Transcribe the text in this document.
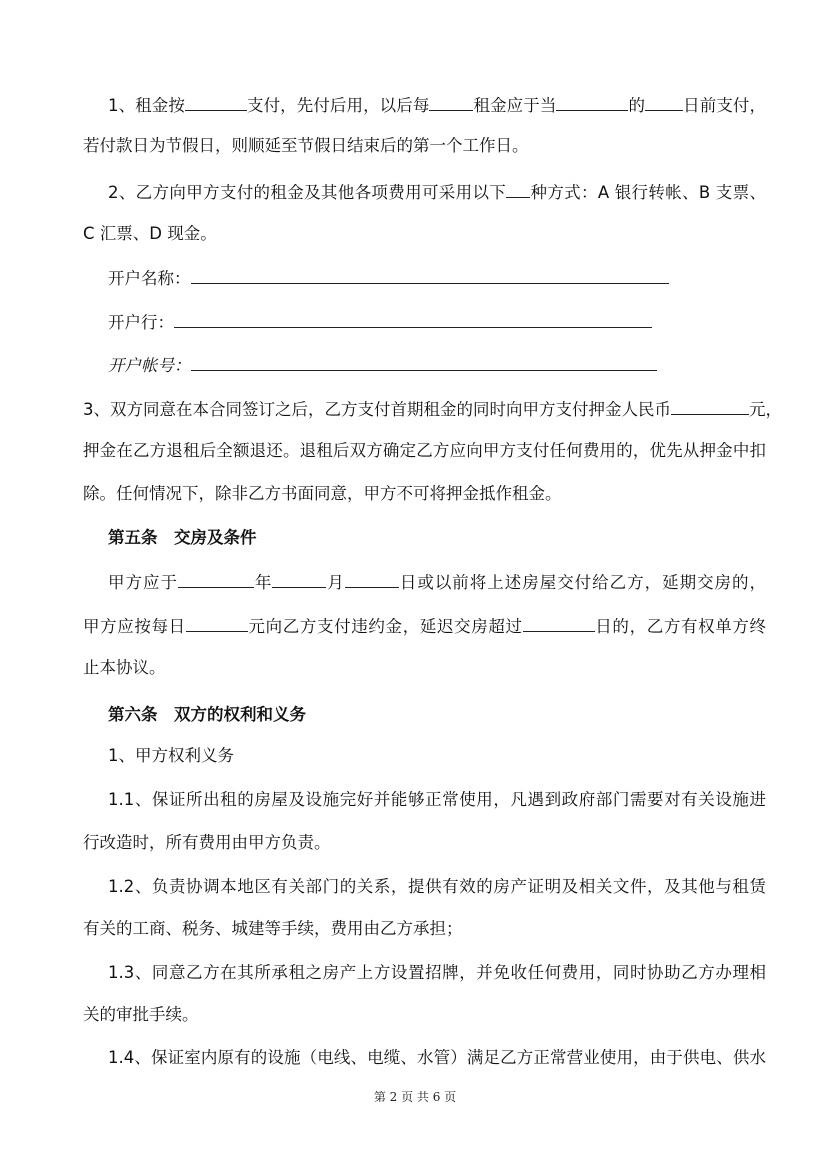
1、租金按	支付，先付后用，以后每	租金应于当	的 日前支付，
若付款日为节假日，则顺延至节假日结束后的第一个工作日。
2、乙方向甲方支付的租金及其他各项费用可采用以下 种方式：A 银行转帐、B 支票、
C 汇票、D 现金。
开户名称：
开户行：
开户帐号：
3、双方同意在本合同签订之后，乙方支付首期租金的同时向甲方支付押金人民币	元，
押金在乙方退租后全额退还。退租后双方确定乙方应向甲方支付任何费用的，优先从押金中扣
除。任何情况下，除非乙方书面同意，甲方不可将押金抵作租金。
第五条　交房及条件
甲方应于	年	月	日或以前将上述房屋交付给乙方，延期交房的，
甲方应按每日	元向乙方支付违约金，延迟交房超过	日的，乙方有权单方终
止本协议。
第六条　双方的权利和义务
1、甲方权利义务
1.1、保证所出租的房屋及设施完好并能够正常使用，凡遇到政府部门需要对有关设施进
行改造时，所有费用由甲方负责。
1.2、负责协调本地区有关部门的关系，提供有效的房产证明及相关文件，及其他与租赁
有关的工商、税务、城建等手续，费用由乙方承担；
1.3、同意乙方在其所承租之房产上方设置招牌，并免收任何费用，同时协助乙方办理相
关的审批手续。
1.4、保证室内原有的设施（电线、电缆、水管）满足乙方正常营业使用，由于供电、供水
第 2 页 共 6 页
